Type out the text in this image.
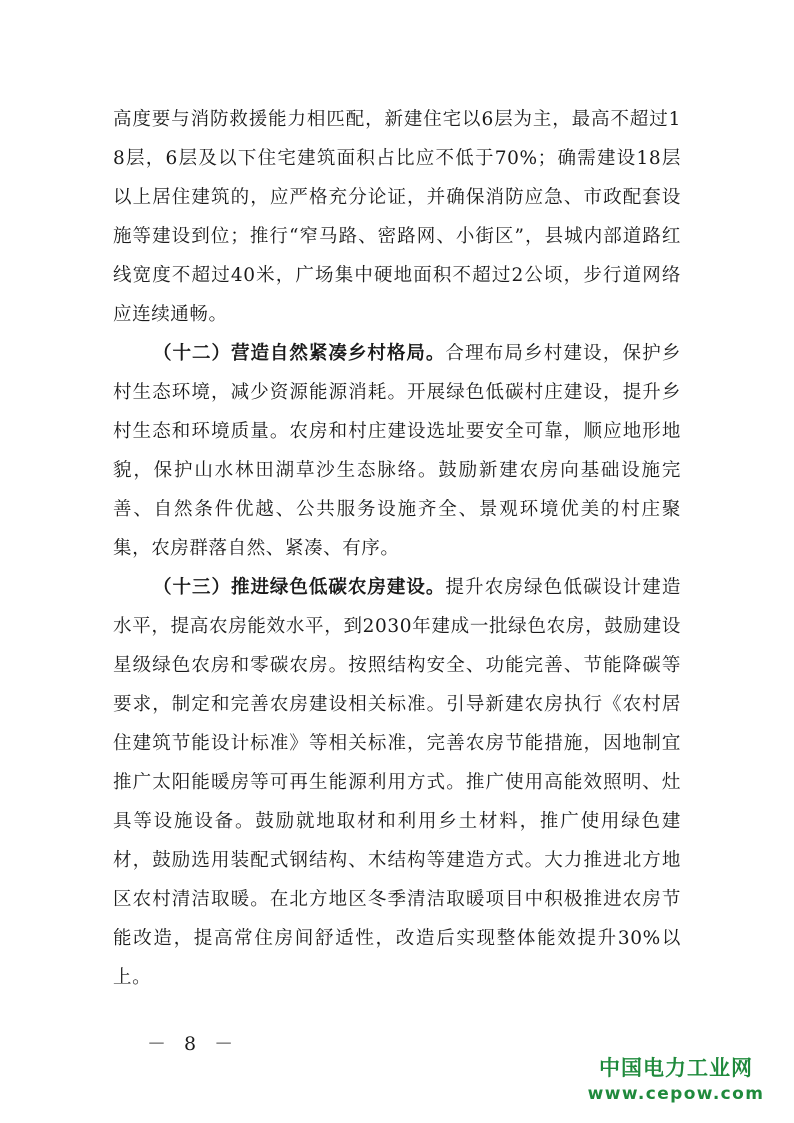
高度要与消防救援能力相匹配，新建住宅以6层为主，最高不超过18层，6层及以下住宅建筑面积占比应不低于70%；确需建设18层以上居住建筑的，应严格充分论证，并确保消防应急、市政配套设施等建设到位；推行“窄马路、密路网、小街区”，县城内部道路红线宽度不超过40米，广场集中硬地面积不超过2公顷，步行道网络应连续通畅。

（十二）营造自然紧凑乡村格局。合理布局乡村建设，保护乡村生态环境，减少资源能源消耗。开展绿色低碳村庄建设，提升乡村生态和环境质量。农房和村庄建设选址要安全可靠，顺应地形地貌，保护山水林田湖草沙生态脉络。鼓励新建农房向基础设施完善、自然条件优越、公共服务设施齐全、景观环境优美的村庄聚集，农房群落自然、紧凑、有序。

（十三）推进绿色低碳农房建设。提升农房绿色低碳设计建造水平，提高农房能效水平，到2030年建成一批绿色农房，鼓励建设星级绿色农房和零碳农房。按照结构安全、功能完善、节能降碳等要求，制定和完善农房建设相关标准。引导新建农房执行《农村居住建筑节能设计标准》等相关标准，完善农房节能措施，因地制宜推广太阳能暖房等可再生能源利用方式。推广使用高能效照明、灶具等设施设备。鼓励就地取材和利用乡土材料，推广使用绿色建材，鼓励选用装配式钢结构、木结构等建造方式。大力推进北方地区农村清洁取暖。在北方地区冬季清洁取暖项目中积极推进农房节能改造，提高常住房间舒适性，改造后实现整体能效提升30%以上。

－ 8 －
中国电力工业网
www.cepow.com
